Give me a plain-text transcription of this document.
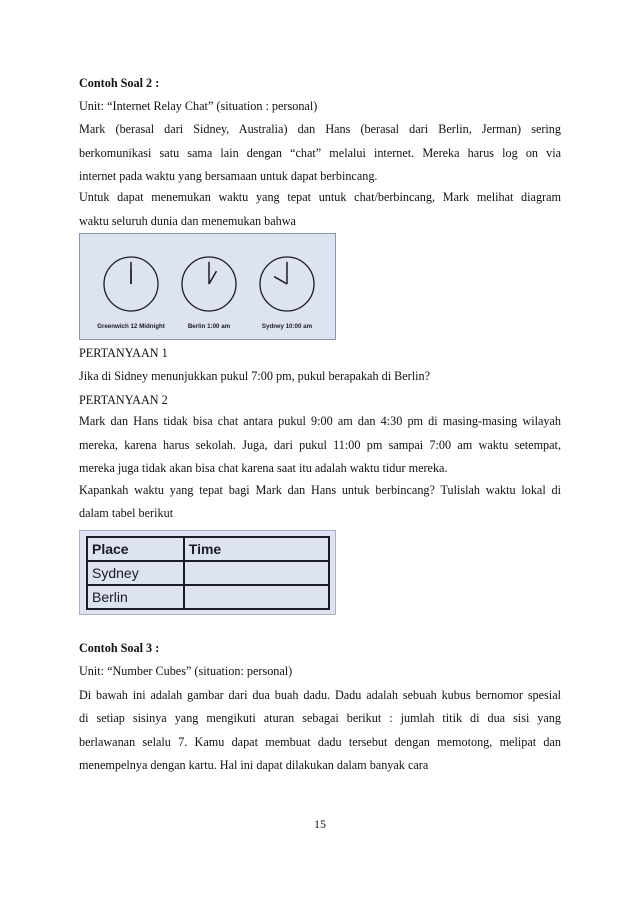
Contoh Soal 2 :
Unit: “Internet Relay Chat” (situation : personal)
Mark (berasal dari Sidney, Australia) dan Hans (berasal dari Berlin, Jerman) sering
berkomunikasi satu sama lain dengan “chat” melalui internet. Mereka harus log on via
internet pada waktu yang bersamaan untuk dapat berbincang.
Untuk dapat menemukan waktu yang tepat untuk chat/berbincang, Mark melihat diagram
waktu seluruh dunia dan menemukan bahwa
Greenwich 12 Midnight	Berlin 1:00 am	Sydney 10:00 am
PERTANYAAN 1
Jika di Sidney menunjukkan pukul 7:00 pm, pukul berapakah di Berlin?
PERTANYAAN 2
Mark dan Hans tidak bisa chat antara pukul 9:00 am dan 4:30 pm di masing-masing wilayah
mereka, karena harus sekolah. Juga, dari pukul 11:00 pm sampai 7:00 am waktu setempat,
mereka juga tidak akan bisa chat karena saat itu adalah waktu tidur mereka.
Kapankah waktu yang tepat bagi Mark dan Hans untuk berbincang? Tulislah waktu lokal di
dalam tabel berikut
Place	Time
Sydney	
Berlin	
Contoh Soal 3 :
Unit: “Number Cubes” (situation: personal)
Di bawah ini adalah gambar dari dua buah dadu. Dadu adalah sebuah kubus bernomor spesial
di setiap sisinya yang mengikuti aturan sebagai berikut : jumlah titik di dua sisi yang
berlawanan selalu 7. Kamu dapat membuat dadu tersebut dengan memotong, melipat dan
menempelnya dengan kartu. Hal ini dapat dilakukan dalam banyak cara
15
